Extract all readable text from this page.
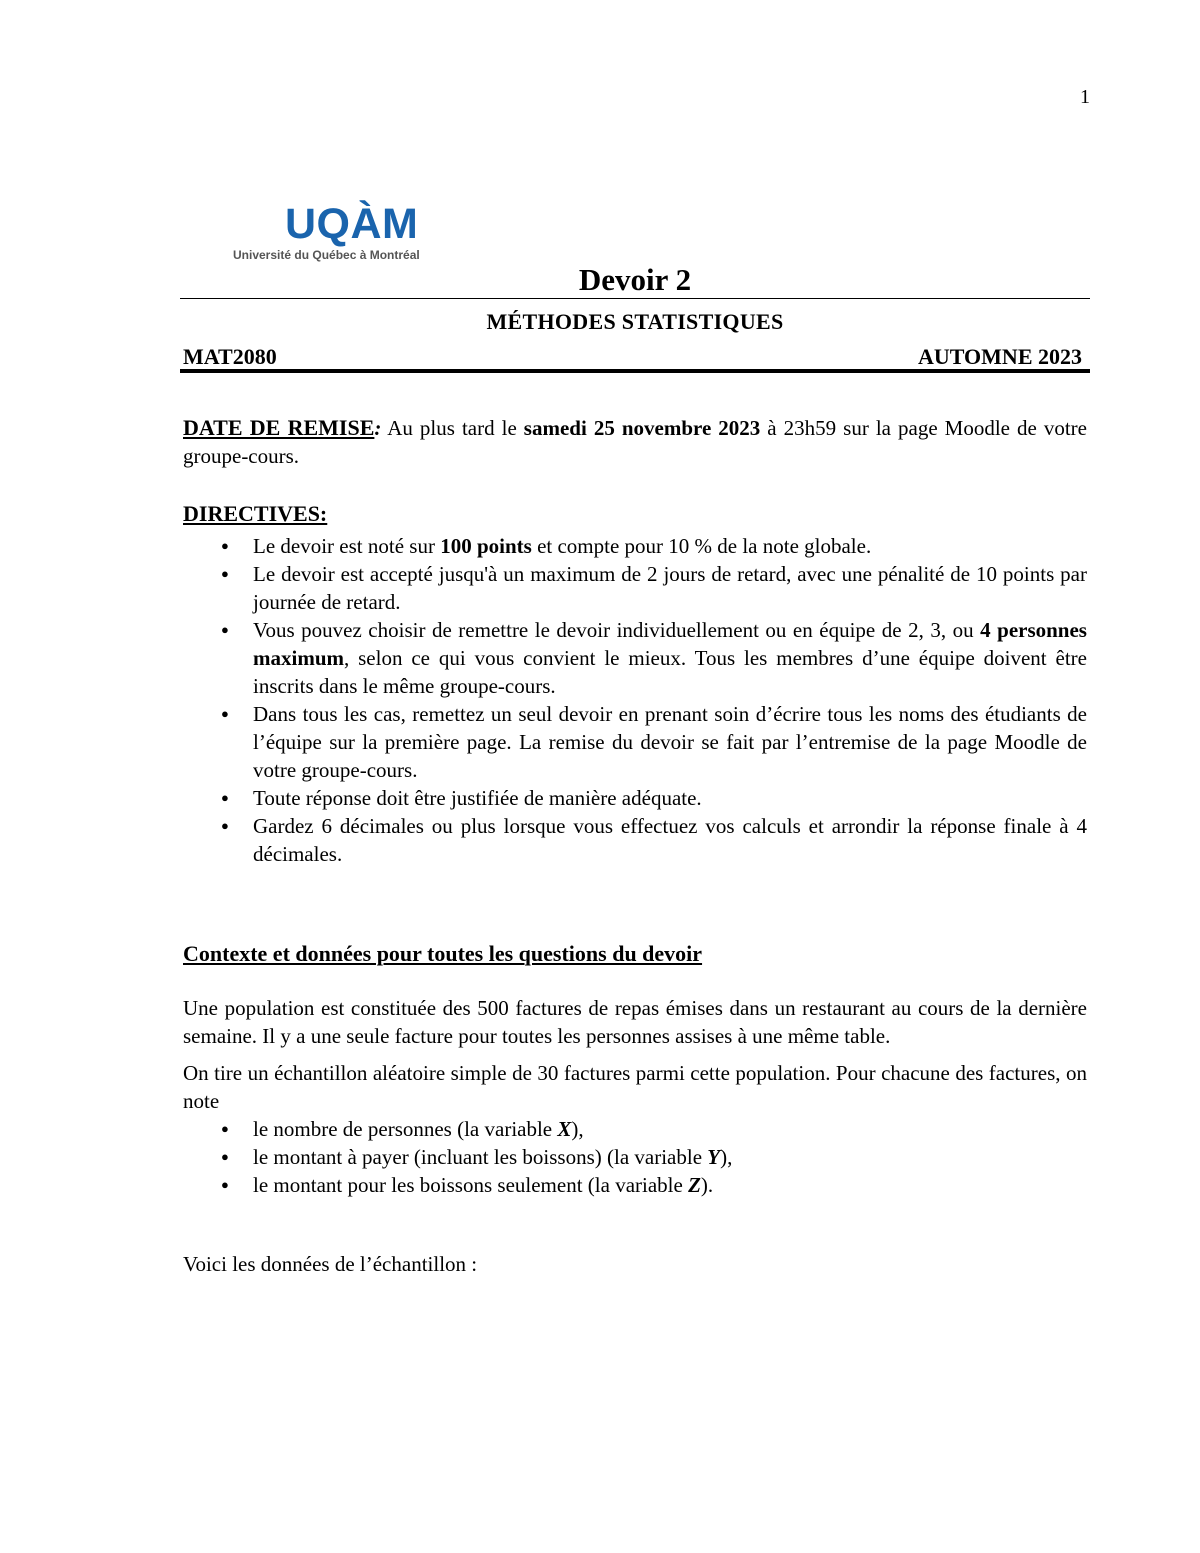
1
UQÀM
Université du Québec à Montréal
Devoir 2
MÉTHODES STATISTIQUES
MAT2080	AUTOMNE 2023
DATE DE REMISE: Au plus tard le samedi 25 novembre 2023 à 23h59 sur la page Moodle de votre groupe-cours.
DIRECTIVES:
● Le devoir est noté sur 100 points et compte pour 10 % de la note globale.
● Le devoir est accepté jusqu'à un maximum de 2 jours de retard, avec une pénalité de 10 points par journée de retard.
● Vous pouvez choisir de remettre le devoir individuellement ou en équipe de 2, 3, ou 4 personnes maximum, selon ce qui vous convient le mieux. Tous les membres d’une équipe doivent être inscrits dans le même groupe-cours.
● Dans tous les cas, remettez un seul devoir en prenant soin d’écrire tous les noms des étudiants de l’équipe sur la première page. La remise du devoir se fait par l’entremise de la page Moodle de votre groupe-cours.
● Toute réponse doit être justifiée de manière adéquate.
● Gardez 6 décimales ou plus lorsque vous effectuez vos calculs et arrondir la réponse finale à 4 décimales.
Contexte et données pour toutes les questions du devoir
Une population est constituée des 500 factures de repas émises dans un restaurant au cours de la dernière semaine. Il y a une seule facture pour toutes les personnes assises à une même table.
On tire un échantillon aléatoire simple de 30 factures parmi cette population. Pour chacune des factures, on note
● le nombre de personnes (la variable X),
● le montant à payer (incluant les boissons) (la variable Y),
● le montant pour les boissons seulement (la variable Z).
Voici les données de l’échantillon :
